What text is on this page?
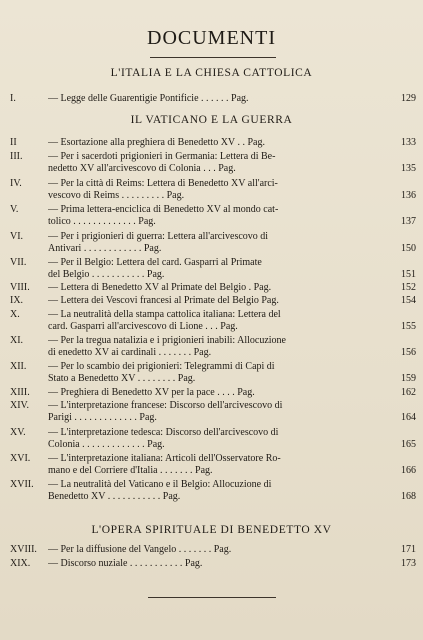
DOCUMENTI
L'ITALIA E LA CHIESA CATTOLICA
I.	— Legge delle Guarentigie Pontificie . . . . . . Pag.	129
IL VATICANO E LA GUERRA
II	— Esortazione alla preghiera di Benedetto XV . . Pag.	133
III.	— Per i sacerdoti prigionieri in Germania: Lettera di Be-
nedetto XV all'arcivescovo di Colonia . . . Pag.	135
IV.	— Per la città di Reims: Lettera di Benedetto XV all'arci-
vescovo di Reims . . . . . . . . . Pag.	136
V.	— Prima lettera-enciclica di Benedetto XV al mondo cat-
tolico . . . . . . . . . . . . . Pag.	137
VI.	— Per i prigionieri di guerra: Lettera all'arcivescovo di
Antivari . . . . . . . . . . . . Pag.	150
VII.	— Per il Belgio: Lettera del card. Gasparri al Primate
del Belgio . . . . . . . . . . . Pag.	151
VIII.	— Lettera di Benedetto XV al Primate del Belgio . Pag.	152
IX.	— Lettera dei Vescovi francesi al Primate del Belgio Pag.	154
X.	— La neutralità della stampa cattolica italiana: Lettera del
card. Gasparri all'arcivescovo di Lione . . . Pag.	155
XI.	— Per la tregua natalizia e i prigionieri inabili: Allocuzione
di enedetto XV ai cardinali . . . . . . . Pag.	156
XII.	— Per lo scambio dei prigionieri: Telegrammi di Capi di
Stato a Benedetto XV . . . . . . . . Pag.	159
XIII.	— Preghiera di Benedetto XV per la pace . . . . Pag.	162
XIV.	— L'interpretazione francese: Discorso dell'arcivescovo di
Parigi . . . . . . . . . . . . . Pag.	164
XV.	— L'interpretazione tedesca: Discorso dell'arcivescovo di
Colonia . . . . . . . . . . . . . Pag.	165
XVI.	— L'interpretazione italiana: Articoli dell'Osservatore Ro-
mano e del Corriere d'Italia . . . . . . . Pag.	166
XVII.	— La neutralità del Vaticano e il Belgio: Allocuzione di
Benedetto XV . . . . . . . . . . . Pag.	168
L'OPERA SPIRITUALE DI BENEDETTO XV
XVIII.	— Per la diffusione del Vangelo . . . . . . . Pag.	171
XIX.	— Discorso nuziale . . . . . . . . . . . Pag.	173
